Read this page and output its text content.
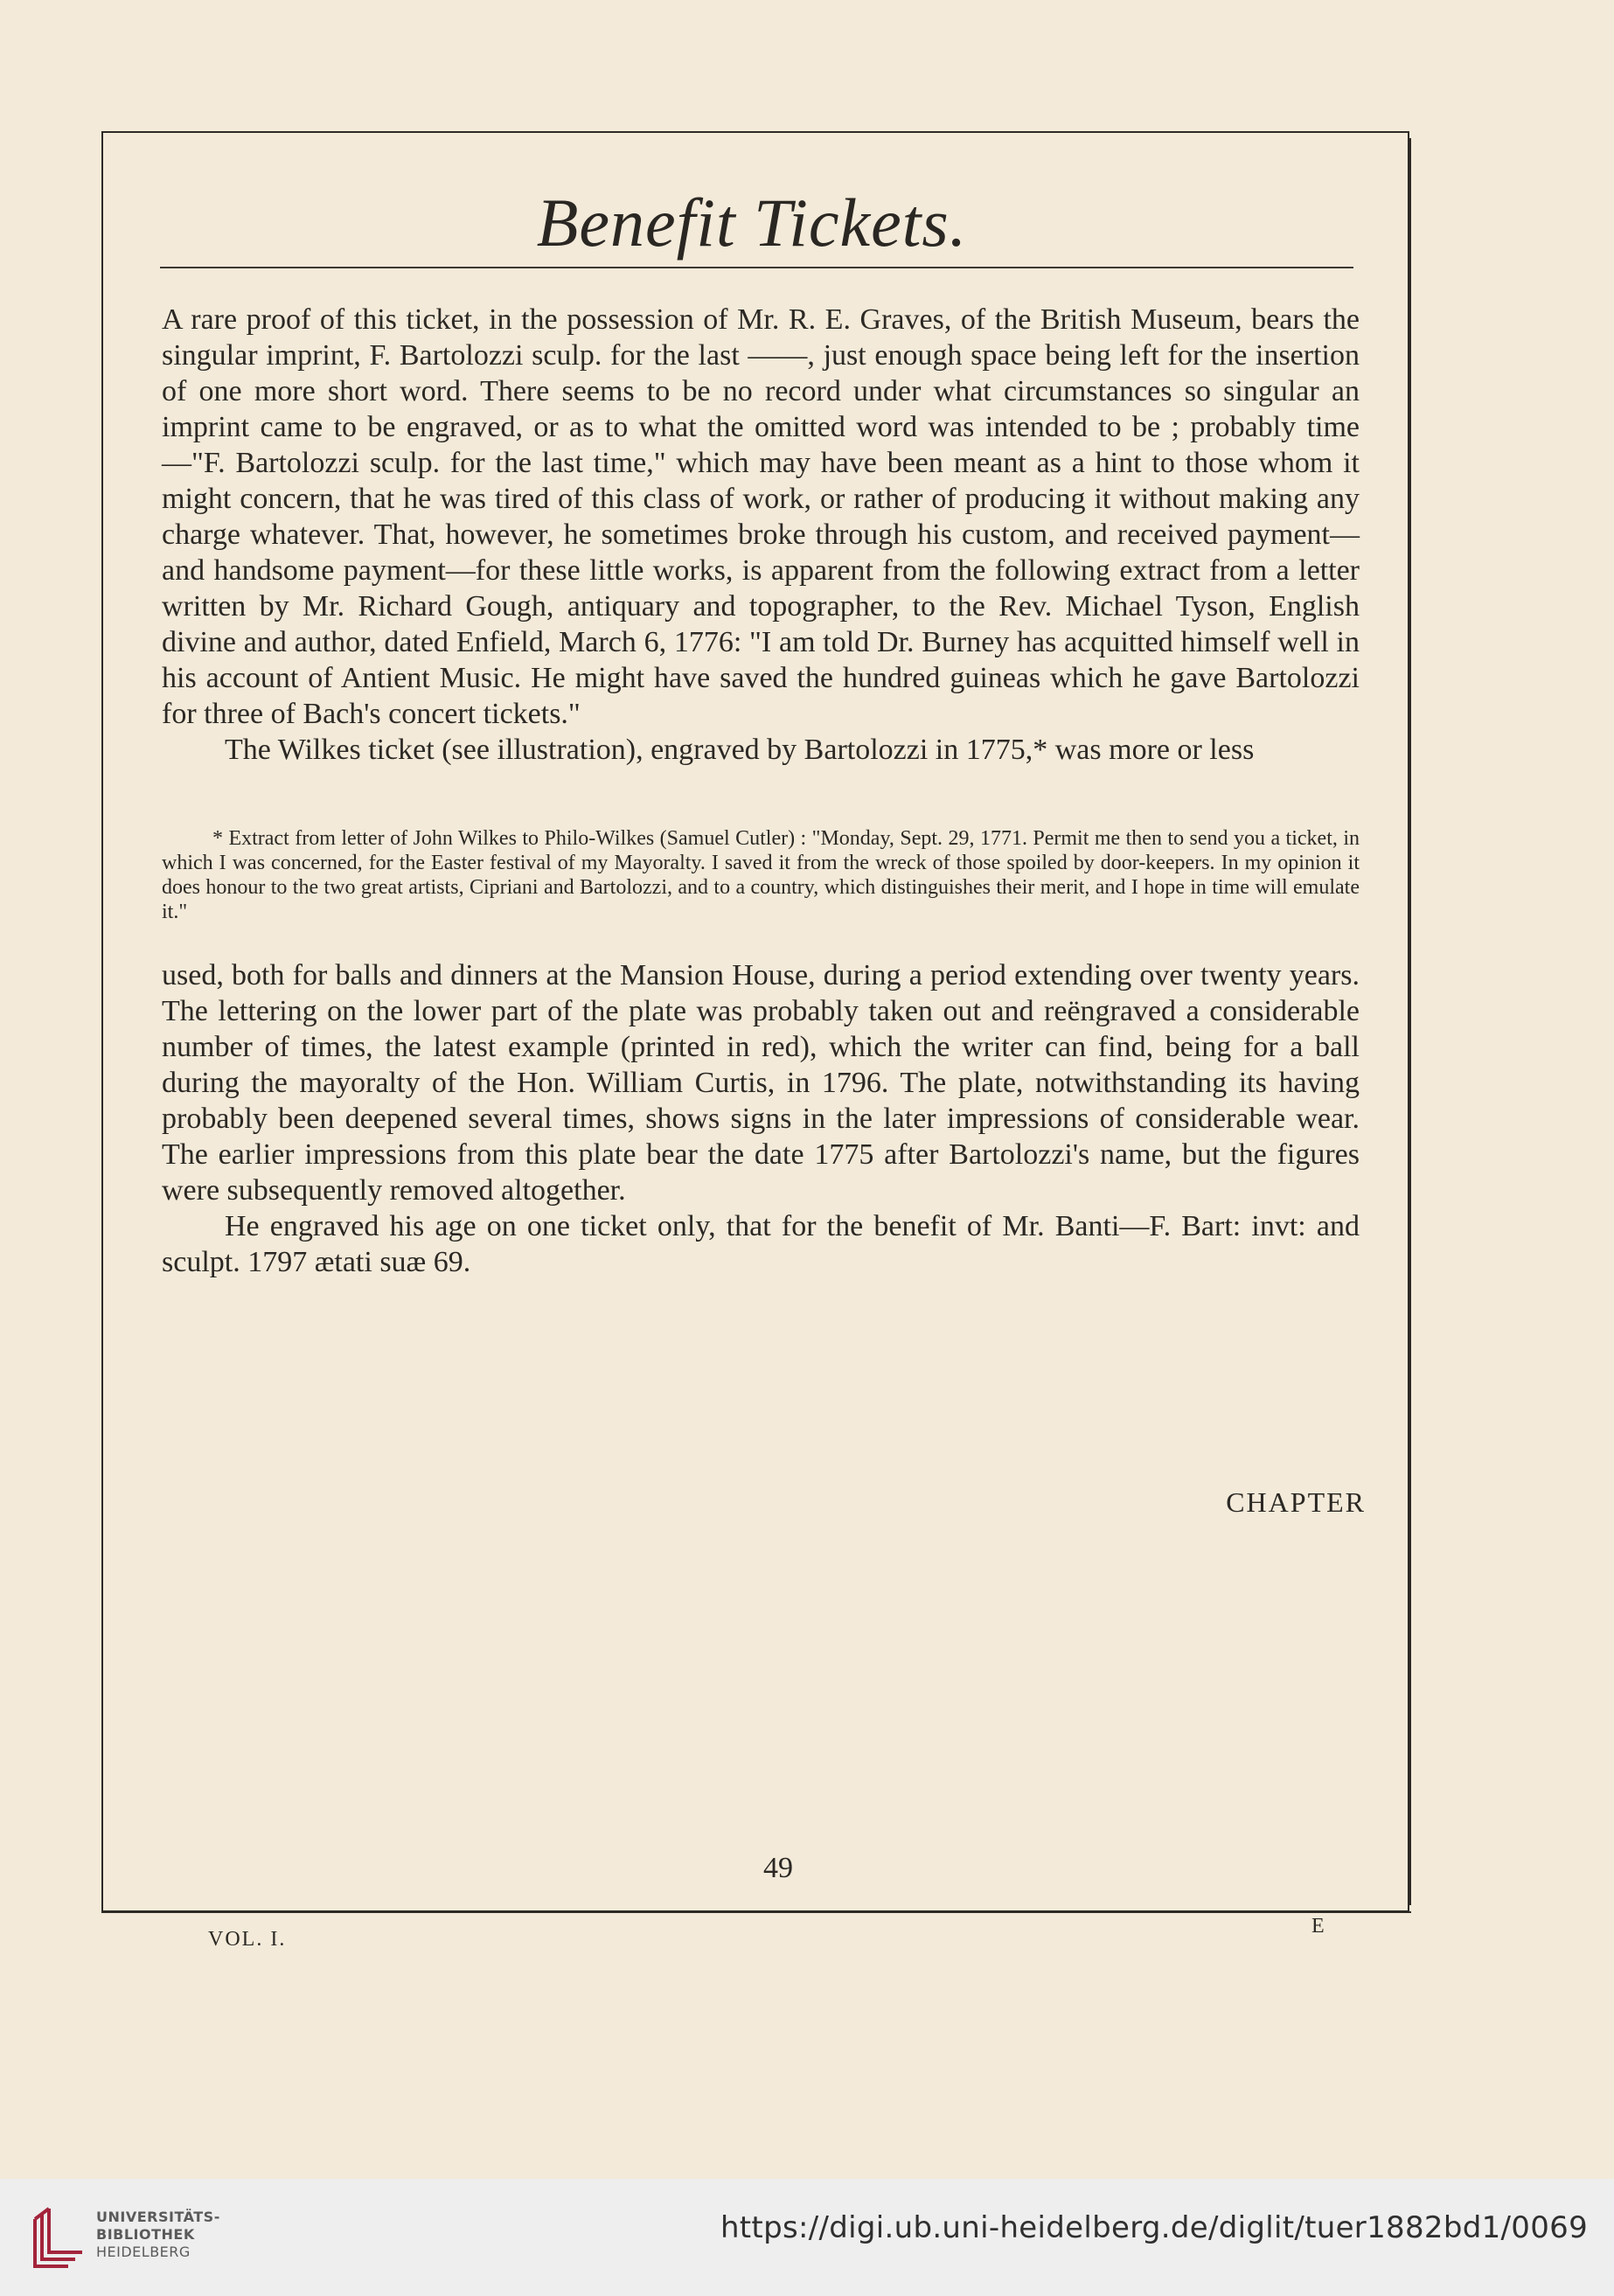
Benefit Tickets.

A rare proof of this ticket, in the possession of Mr. R. E. Graves, of the British Museum, bears the singular imprint, F. Bartolozzi sculp. for the last ——, just enough space being left for the insertion of one more short word. There seems to be no record under what circumstances so singular an imprint came to be engraved, or as to what the omitted word was intended to be ; probably time—"F. Bartolozzi sculp. for the last time," which may have been meant as a hint to those whom it might concern, that he was tired of this class of work, or rather of producing it without making any charge whatever. That, however, he sometimes broke through his custom, and received payment—and handsome payment—for these little works, is apparent from the following extract from a letter written by Mr. Richard Gough, antiquary and topographer, to the Rev. Michael Tyson, English divine and author, dated Enfield, March 6, 1776: "I am told Dr. Burney has acquitted himself well in his account of Antient Music. He might have saved the hundred guineas which he gave Bartolozzi for three of Bach's concert tickets."

The Wilkes ticket (see illustration), engraved by Bartolozzi in 1775,* was more or less

* Extract from letter of John Wilkes to Philo-Wilkes (Samuel Cutler) : "Monday, Sept. 29, 1771. Permit me then to send you a ticket, in which I was concerned, for the Easter festival of my Mayoralty. I saved it from the wreck of those spoiled by door-keepers. In my opinion it does honour to the two great artists, Cipriani and Bartolozzi, and to a country, which distinguishes their merit, and I hope in time will emulate it."

used, both for balls and dinners at the Mansion House, during a period extending over twenty years. The lettering on the lower part of the plate was probably taken out and reëngraved a considerable number of times, the latest example (printed in red), which the writer can find, being for a ball during the mayoralty of the Hon. William Curtis, in 1796. The plate, notwithstanding its having probably been deepened several times, shows signs in the later impressions of considerable wear. The earlier impressions from this plate bear the date 1775 after Bartolozzi's name, but the figures were subsequently removed altogether.

He engraved his age on one ticket only, that for the benefit of Mr. Banti—F. Bart: invt: and sculpt. 1797 ætati suæ 69.

CHAPTER
49
VOL. I.
E
UNIVERSITÄTS-
BIBLIOTHEK
HEIDELBERG
https://digi.ub.uni-heidelberg.de/diglit/tuer1882bd1/0069
